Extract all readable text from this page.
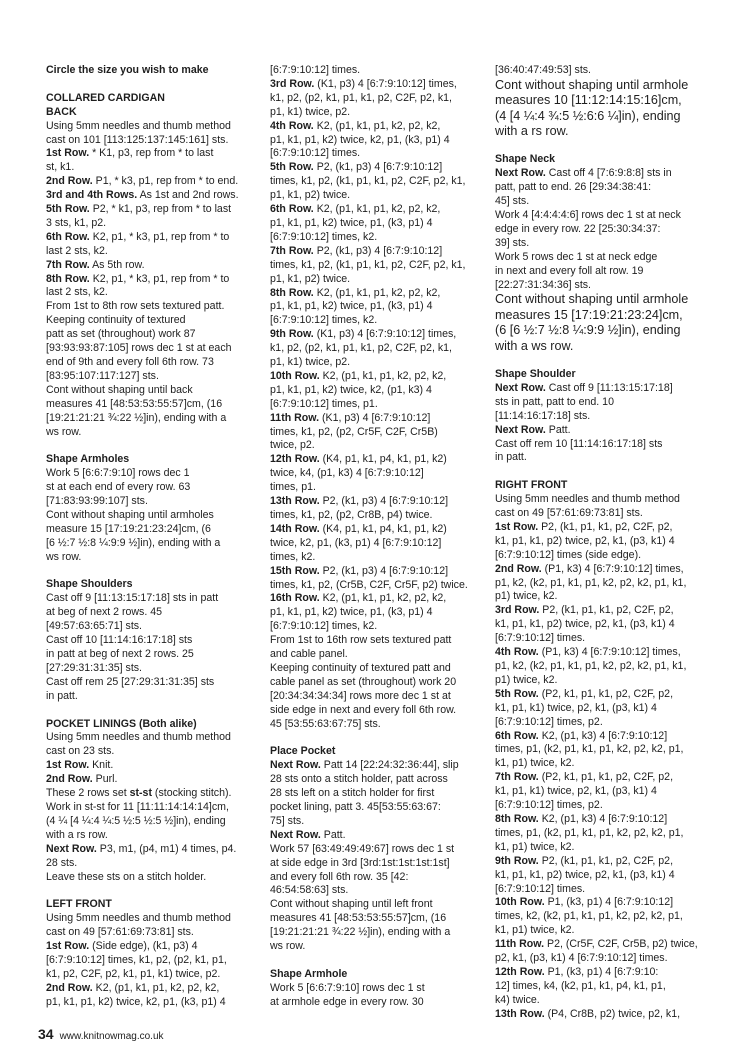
Circle the size you wish to make

COLLARED CARDIGAN
BACK

Using 5mm needles and thumb method
cast on 101 [113:125:137:145:161] sts.

1st Row. * K1, p3, rep from * to last
st, k1.

2nd Row. P1, * k3, p1, rep from * to end.

3rd and 4th Rows. As 1st and 2nd rows.

5th Row. P2, * k1, p3, rep from * to last
3 sts, k1, p2.

6th Row. K2, p1, * k3, p1, rep from * to
last 2 sts, k2.

7th Row. As 5th row.

8th Row. K2, p1, * k3, p1, rep from * to
last 2 sts, k2.

From 1st to 8th row sets textured patt.
Keeping continuity of textured
patt as set (throughout) work 87
[93:93:93:87:105] rows dec 1 st at each
end of 9th and every foll 6th row. 73
[83:95:107:117:127] sts.
Cont without shaping until back
measures 41 [48:53:53:55:57]cm, (16
[19:21:21:21 ¾:22 ½]in), ending with a
ws row.

Shape Armholes

Work 5 [6:6:7:9:10] rows dec 1
st at each end of every row. 63
[71:83:93:99:107] sts.
Cont without shaping until armholes
measure 15 [17:19:21:23:24]cm, (6
[6 ½:7 ½:8 ¼:9:9 ½]in), ending with a
ws row.

Shape Shoulders

Cast off 9 [11:13:15:17:18] sts in patt
at beg of next 2 rows. 45
[49:57:63:65:71] sts.
Cast off 10 [11:14:16:17:18] sts
in patt at beg of next 2 rows. 25
[27:29:31:31:35] sts.
Cast off rem 25 [27:29:31:31:35] sts
in patt.

POCKET LININGS (Both alike)

Using 5mm needles and thumb method
cast on 23 sts.

1st Row. Knit.

2nd Row. Purl.

These 2 rows set st-st (stocking stitch).
Work in st-st for 11 [11:11:14:14:14]cm,
(4 ¼ [4 ¼:4 ¼:5 ½:5 ½:5 ½]in), ending
with a rs row.

Next Row. P3, m1, (p4, m1) 4 times, p4.
28 sts.
Leave these sts on a stitch holder.

LEFT FRONT

Using 5mm needles and thumb method
cast on 49 [57:61:69:73:81] sts.

1st Row. (Side edge), (k1, p3) 4
[6:7:9:10:12] times, k1, p2, (p2, k1, p1,
k1, p2, C2F, p2, k1, p1, k1) twice, p2.

2nd Row. K2, (p1, k1, p1, k2, p2, k2,
p1, k1, p1, k2) twice, k2, p1, (k3, p1) 4

[6:7:9:10:12] times.

3rd Row. (K1, p3) 4 [6:7:9:10:12] times,
k1, p2, (p2, k1, p1, k1, p2, C2F, p2, k1,
p1, k1) twice, p2.

4th Row. K2, (p1, k1, p1, k2, p2, k2,
p1, k1, p1, k2) twice, k2, p1, (k3, p1) 4
[6:7:9:10:12] times.

5th Row. P2, (k1, p3) 4 [6:7:9:10:12]
times, k1, p2, (k1, p1, k1, p2, C2F, p2, k1,
p1, k1, p2) twice.

6th Row. K2, (p1, k1, p1, k2, p2, k2,
p1, k1, p1, k2) twice, p1, (k3, p1) 4
[6:7:9:10:12] times, k2.

7th Row. P2, (k1, p3) 4 [6:7:9:10:12]
times, k1, p2, (k1, p1, k1, p2, C2F, p2, k1,
p1, k1, p2) twice.

8th Row. K2, (p1, k1, p1, k2, p2, k2,
p1, k1, p1, k2) twice, p1, (k3, p1) 4
[6:7:9:10:12] times, k2.

9th Row. (K1, p3) 4 [6:7:9:10:12] times,
k1, p2, (p2, k1, p1, k1, p2, C2F, p2, k1,
p1, k1) twice, p2.

10th Row. K2, (p1, k1, p1, k2, p2, k2,
p1, k1, p1, k2) twice, k2, (p1, k3) 4
[6:7:9:10:12] times, p1.

11th Row. (K1, p3) 4 [6:7:9:10:12]
times, k1, p2, (p2, Cr5F, C2F, Cr5B)
twice, p2.

12th Row. (K4, p1, k1, p4, k1, p1, k2)
twice, k4, (p1, k3) 4 [6:7:9:10:12]
times, p1.

13th Row. P2, (k1, p3) 4 [6:7:9:10:12]
times, k1, p2, (p2, Cr8B, p4) twice.

14th Row. (K4, p1, k1, p4, k1, p1, k2)
twice, k2, p1, (k3, p1) 4 [6:7:9:10:12]
times, k2.

15th Row. P2, (k1, p3) 4 [6:7:9:10:12]
times, k1, p2, (Cr5B, C2F, Cr5F, p2) twice.

16th Row. K2, (p1, k1, p1, k2, p2, k2,
p1, k1, p1, k2) twice, p1, (k3, p1) 4
[6:7:9:10:12] times, k2.

From 1st to 16th row sets textured patt
and cable panel.
Keeping continuity of textured patt and
cable panel as set (throughout) work 20
[20:34:34:34:34] rows more dec 1 st at
side edge in next and every foll 6th row.
45 [53:55:63:67:75] sts.

Place Pocket

Next Row. Patt 14 [22:24:32:36:44], slip
28 sts onto a stitch holder, patt across
28 sts left on a stitch holder for first
pocket lining, patt 3. 45[53:55:63:67:
75] sts.

Next Row. Patt.

Work 57 [63:49:49:49:67] rows dec 1 st
at side edge in 3rd [3rd:1st:1st:1st:1st]
and every foll 6th row. 35 [42:
46:54:58:63] sts.
Cont without shaping until left front
measures 41 [48:53:53:55:57]cm, (16
[19:21:21:21 ¾:22 ½]in), ending with a
ws row.

Shape Armhole

Work 5 [6:6:7:9:10] rows dec 1 st
at armhole edge in every row. 30

[36:40:47:49:53] sts.

Cont without shaping until armhole
measures 10 [11:12:14:15:16]cm,
(4 [4 ¼:4 ¾:5 ½:6:6 ¼]in), ending
with a rs row.

Shape Neck

Next Row. Cast off 4 [7:6:9:8:8] sts in
patt, patt to end. 26 [29:34:38:41:
45] sts.
Work 4 [4:4:4:4:6] rows dec 1 st at neck
edge in every row. 22 [25:30:34:37:
39] sts.
Work 5 rows dec 1 st at neck edge
in next and every foll alt row. 19
[22:27:31:34:36] sts.

Cont without shaping until armhole
measures 15 [17:19:21:23:24]cm,
(6 [6 ½:7 ½:8 ¼:9:9 ½]in), ending
with a ws row.

Shape Shoulder

Next Row. Cast off 9 [11:13:15:17:18]
sts in patt, patt to end. 10
[11:14:16:17:18] sts.

Next Row. Patt.

Cast off rem 10 [11:14:16:17:18] sts
in patt.

RIGHT FRONT

Using 5mm needles and thumb method
cast on 49 [57:61:69:73:81] sts.

1st Row. P2, (k1, p1, k1, p2, C2F, p2,
k1, p1, k1, p2) twice, p2, k1, (p3, k1) 4
[6:7:9:10:12] times (side edge).

2nd Row. (P1, k3) 4 [6:7:9:10:12] times,
p1, k2, (k2, p1, k1, p1, k2, p2, k2, p1, k1,
p1) twice, k2.

3rd Row. P2, (k1, p1, k1, p2, C2F, p2,
k1, p1, k1, p2) twice, p2, k1, (p3, k1) 4
[6:7:9:10:12] times.

4th Row. (P1, k3) 4 [6:7:9:10:12] times,
p1, k2, (k2, p1, k1, p1, k2, p2, k2, p1, k1,
p1) twice, k2.

5th Row. (P2, k1, p1, k1, p2, C2F, p2,
k1, p1, k1) twice, p2, k1, (p3, k1) 4
[6:7:9:10:12] times, p2.

6th Row. K2, (p1, k3) 4 [6:7:9:10:12]
times, p1, (k2, p1, k1, p1, k2, p2, k2, p1,
k1, p1) twice, k2.

7th Row. (P2, k1, p1, k1, p2, C2F, p2,
k1, p1, k1) twice, p2, k1, (p3, k1) 4
[6:7:9:10:12] times, p2.

8th Row. K2, (p1, k3) 4 [6:7:9:10:12]
times, p1, (k2, p1, k1, p1, k2, p2, k2, p1,
k1, p1) twice, k2.

9th Row. P2, (k1, p1, k1, p2, C2F, p2,
k1, p1, k1, p2) twice, p2, k1, (p3, k1) 4
[6:7:9:10:12] times.

10th Row. P1, (k3, p1) 4 [6:7:9:10:12]
times, k2, (k2, p1, k1, p1, k2, p2, k2, p1,
k1, p1) twice, k2.

11th Row. P2, (Cr5F, C2F, Cr5B, p2) twice,
p2, k1, (p3, k1) 4 [6:7:9:10:12] times.

12th Row. P1, (k3, p1) 4 [6:7:9:10:
12] times, k4, (k2, p1, k1, p4, k1, p1,
k4) twice.

13th Row. (P4, Cr8B, p2) twice, p2, k1,

34 www.knitnowmag.co.uk
